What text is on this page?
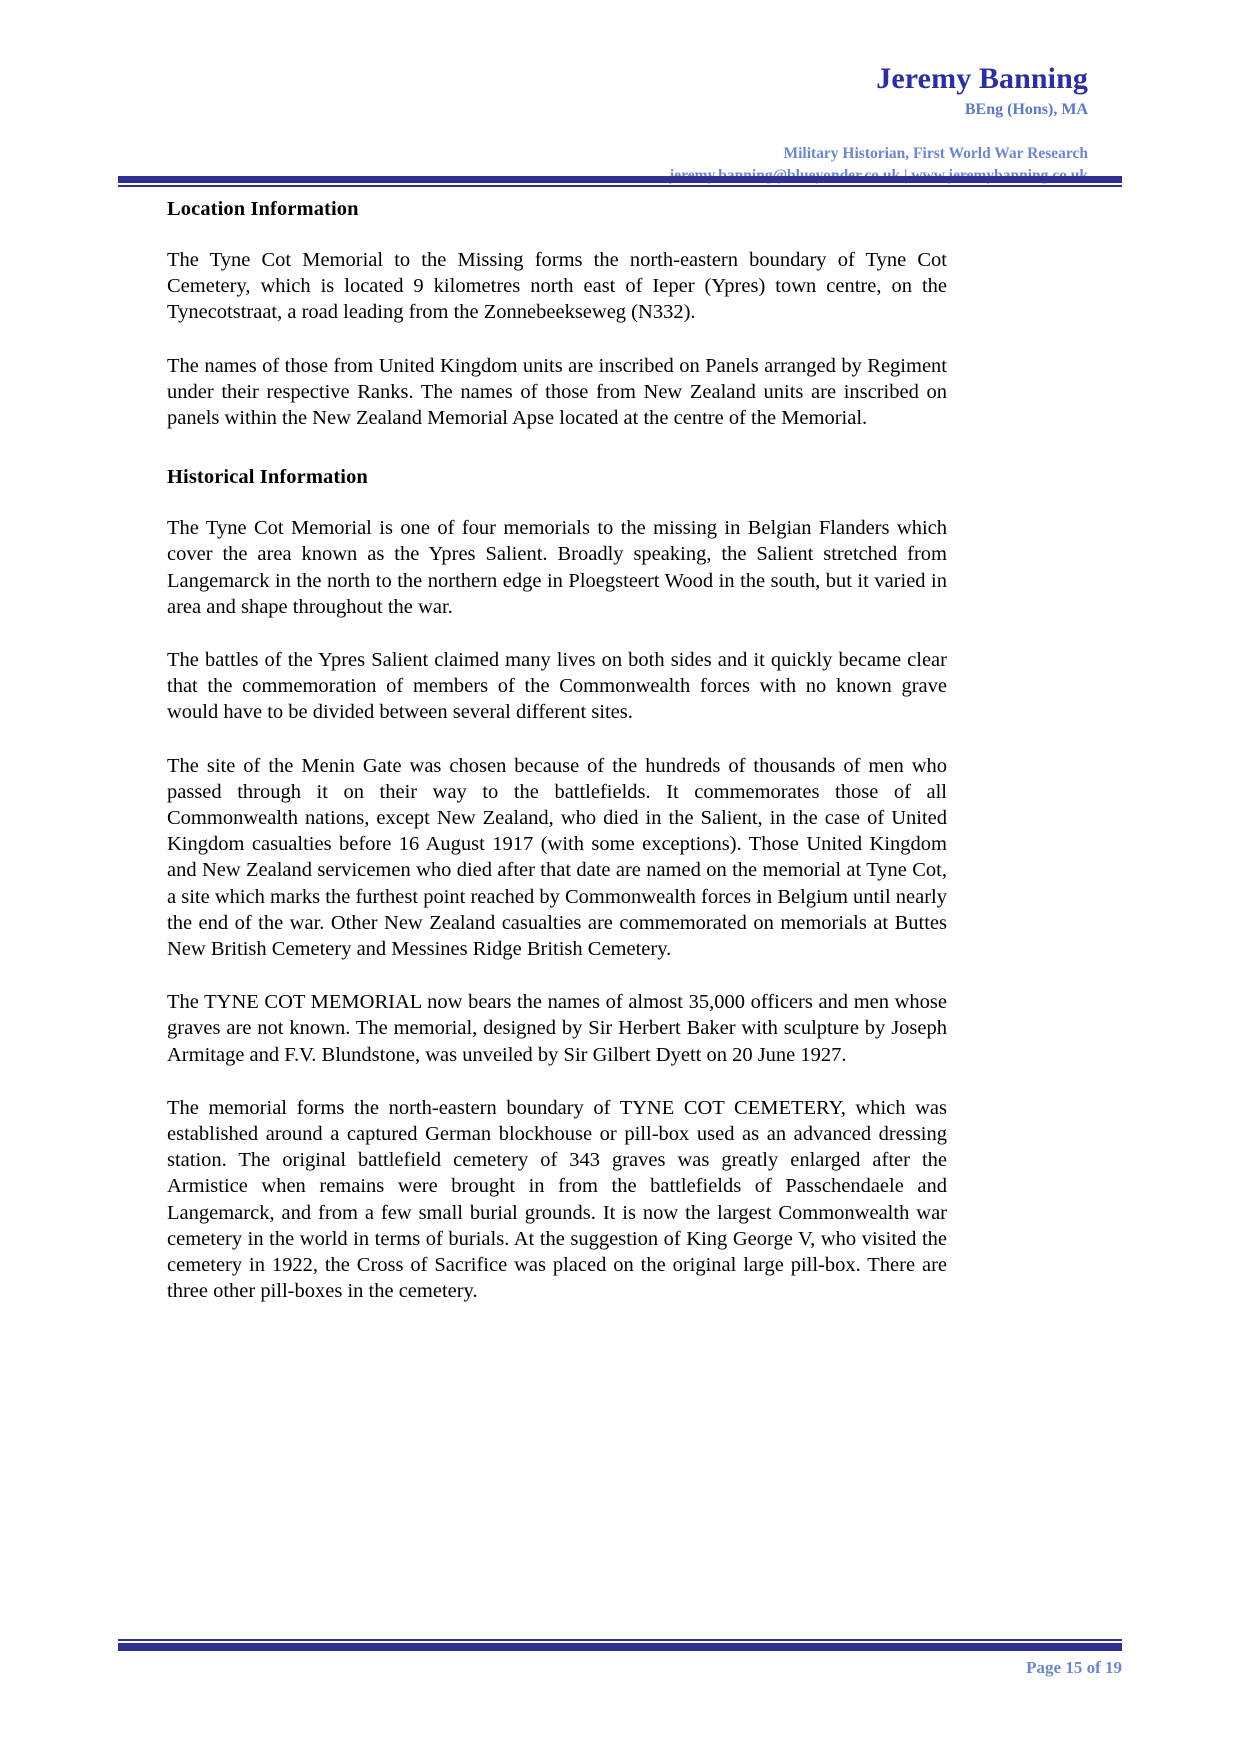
Jeremy Banning
BEng (Hons), MA
Military Historian, First World War Research
Location Information

The Tyne Cot Memorial to the Missing forms the north-eastern boundary of Tyne Cot Cemetery, which is located 9 kilometres north east of Ieper (Ypres) town centre, on the Tynecotstraat, a road leading from the Zonnebeekseweg (N332).

The names of those from United Kingdom units are inscribed on Panels arranged by Regiment under their respective Ranks. The names of those from New Zealand units are inscribed on panels within the New Zealand Memorial Apse located at the centre of the Memorial.

Historical Information

The Tyne Cot Memorial is one of four memorials to the missing in Belgian Flanders which cover the area known as the Ypres Salient. Broadly speaking, the Salient stretched from Langemarck in the north to the northern edge in Ploegsteert Wood in the south, but it varied in area and shape throughout the war.

The battles of the Ypres Salient claimed many lives on both sides and it quickly became clear that the commemoration of members of the Commonwealth forces with no known grave would have to be divided between several different sites.

The site of the Menin Gate was chosen because of the hundreds of thousands of men who passed through it on their way to the battlefields. It commemorates those of all Commonwealth nations, except New Zealand, who died in the Salient, in the case of United Kingdom casualties before 16 August 1917 (with some exceptions). Those United Kingdom and New Zealand servicemen who died after that date are named on the memorial at Tyne Cot, a site which marks the furthest point reached by Commonwealth forces in Belgium until nearly the end of the war. Other New Zealand casualties are commemorated on memorials at Buttes New British Cemetery and Messines Ridge British Cemetery.

The TYNE COT MEMORIAL now bears the names of almost 35,000 officers and men whose graves are not known. The memorial, designed by Sir Herbert Baker with sculpture by Joseph Armitage and F.V. Blundstone, was unveiled by Sir Gilbert Dyett on 20 June 1927.

The memorial forms the north-eastern boundary of TYNE COT CEMETERY, which was established around a captured German blockhouse or pill-box used as an advanced dressing station. The original battlefield cemetery of 343 graves was greatly enlarged after the Armistice when remains were brought in from the battlefields of Passchendaele and Langemarck, and from a few small burial grounds. It is now the largest Commonwealth war cemetery in the world in terms of burials. At the suggestion of King George V, who visited the cemetery in 1922, the Cross of Sacrifice was placed on the original large pill-box. There are three other pill-boxes in the cemetery.

Page 15 of 19
